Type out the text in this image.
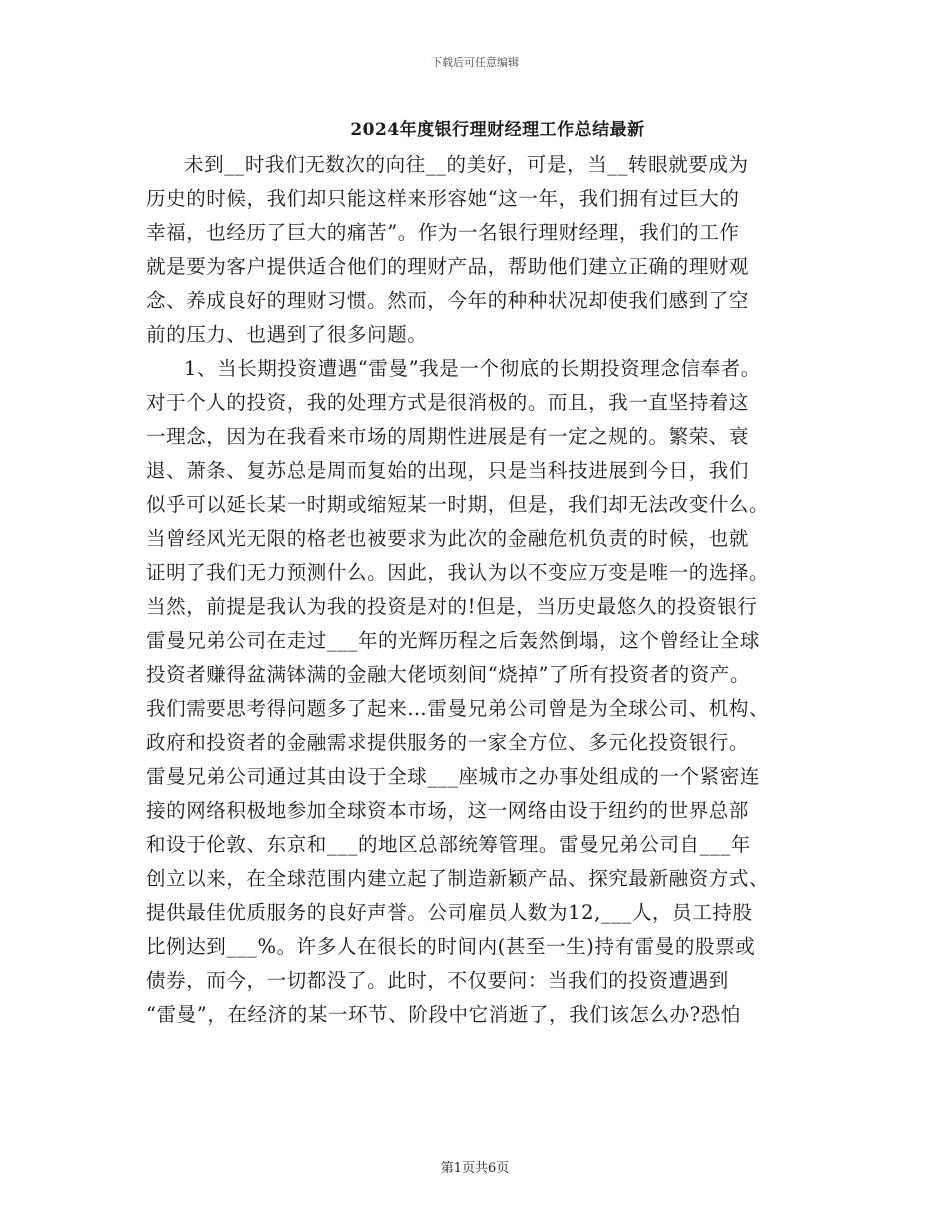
下载后可任意编辑
2024年度银行理财经理工作总结最新
未到__时我们无数次的向往__的美好，可是，当__转眼就要成为
历史的时候，我们却只能这样来形容她“这一年，我们拥有过巨大的
幸福，也经历了巨大的痛苦”。作为一名银行理财经理，我们的工作
就是要为客户提供适合他们的理财产品，帮助他们建立正确的理财观
念、养成良好的理财习惯。然而，今年的种种状况却使我们感到了空
前的压力、也遇到了很多问题。
1、当长期投资遭遇“雷曼”我是一个彻底的长期投资理念信奉者。
对于个人的投资，我的处理方式是很消极的。而且，我一直坚持着这
一理念，因为在我看来市场的周期性进展是有一定之规的。繁荣、衰
退、萧条、复苏总是周而复始的出现，只是当科技进展到今日，我们
似乎可以延长某一时期或缩短某一时期，但是，我们却无法改变什么。
当曾经风光无限的格老也被要求为此次的金融危机负责的时候，也就
证明了我们无力预测什么。因此，我认为以不变应万变是唯一的选择。
当然，前提是我认为我的投资是对的!但是，当历史最悠久的投资银行
雷曼兄弟公司在走过___年的光辉历程之后轰然倒塌，这个曾经让全球
投资者赚得盆满钵满的金融大佬顷刻间“烧掉”了所有投资者的资产。
我们需要思考得问题多了起来…雷曼兄弟公司曾是为全球公司、机构、
政府和投资者的金融需求提供服务的一家全方位、多元化投资银行。
雷曼兄弟公司通过其由设于全球___座城市之办事处组成的一个紧密连
接的网络积极地参加全球资本市场，这一网络由设于纽约的世界总部
和设于伦敦、东京和___的地区总部统筹管理。雷曼兄弟公司自___年
创立以来，在全球范围内建立起了制造新颖产品、探究最新融资方式、
提供最佳优质服务的良好声誉。公司雇员人数为12,___人，员工持股
比例达到___%。许多人在很长的时间内(甚至一生)持有雷曼的股票或
债券，而今，一切都没了。此时，不仅要问：当我们的投资遭遇到
“雷曼”，在经济的某一环节、阶段中它消逝了，我们该怎么办?恐怕
第1页共6页
